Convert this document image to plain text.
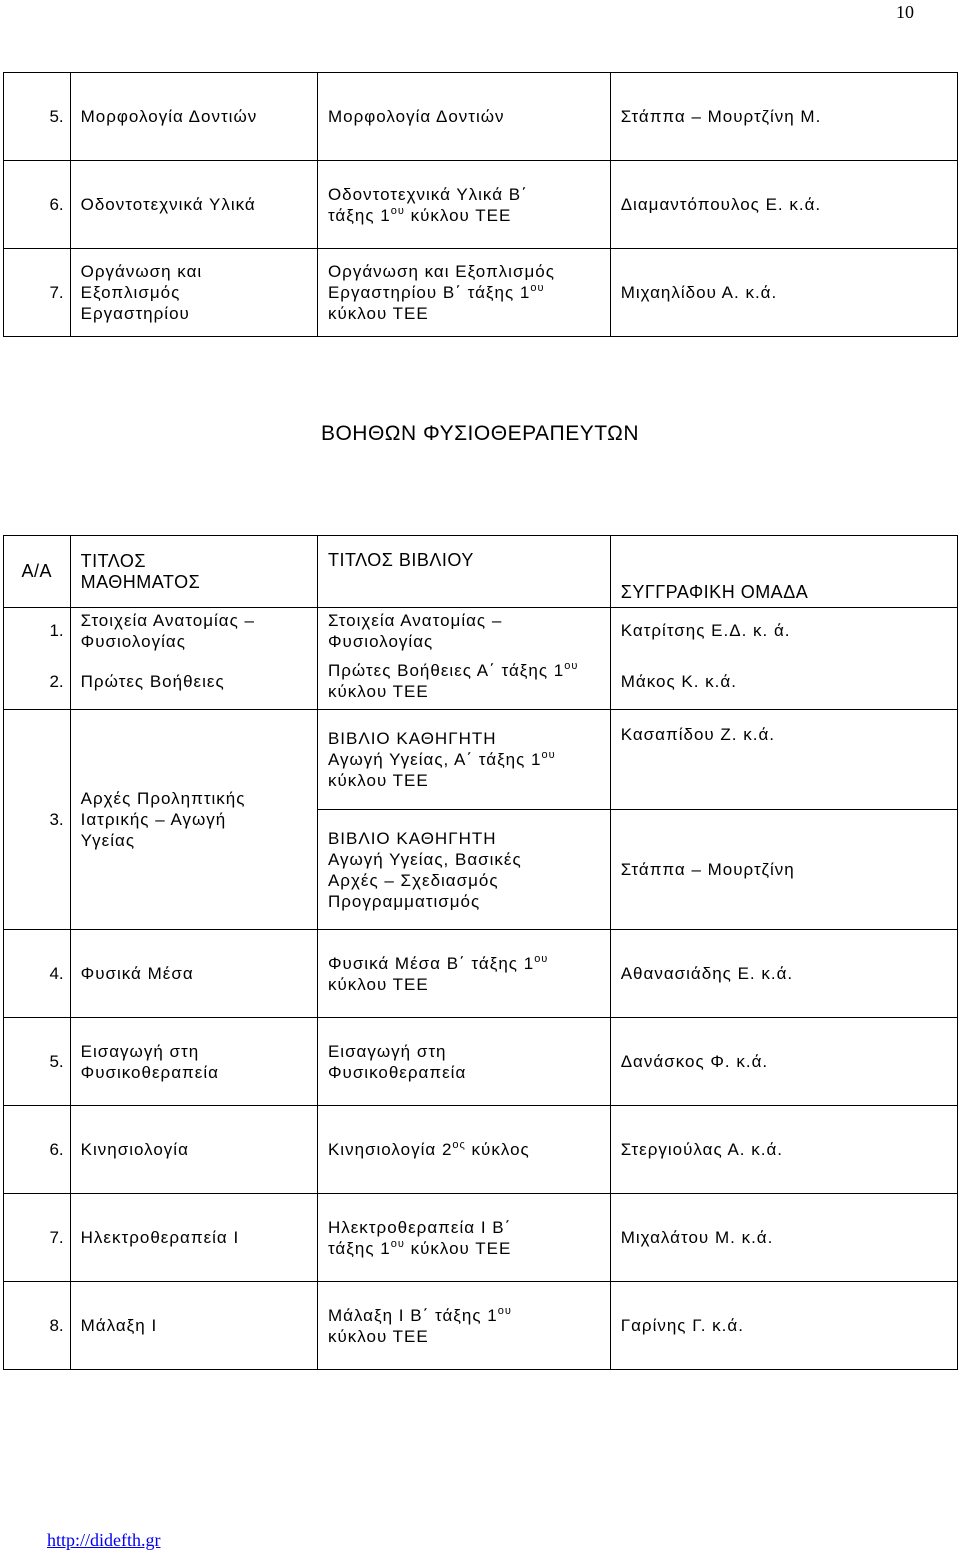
10
5.	Μορφολογία Δοντιών	Μορφολογία Δοντιών	Στάππα – Μουρτζίνη Μ.
6.	Οδοντοτεχνικά Υλικά	Οδοντοτεχνικά Υλικά Β΄
τάξης $1^{o\upsilon}$ κύκλου ΤΕΕ	Διαμαντόπουλος Ε. κ.ά.
7.	Οργάνωση και
Εξοπλισμός
Εργαστηρίου	Οργάνωση και Εξοπλισμός
Εργαστηρίου Β΄ τάξης $1^{o\upsilon}$
κύκλου ΤΕΕ	Μιχαηλίδου Α. κ.ά.
ΒΟΗΘΩΝ ΦΥΣΙΟΘΕΡΑΠΕΥΤΩΝ
Α/Α	ΤΙΤΛΟΣ
ΜΑΘΗΜΑΤΟΣ	ΤΙΤΛΟΣ ΒΙΒΛΙΟΥ	ΣΥΓΓΡΑΦΙΚΗ ΟΜΑΔΑ
1.	Στοιχεία Ανατομίας –
Φυσιολογίας	Στοιχεία Ανατομίας –
Φυσιολογίας	Κατρίτσης Ε.Δ. κ. ά.
2.	Πρώτες Βοήθειες	Πρώτες Βοήθειες Α΄ τάξης $1^{o\upsilon}$
κύκλου ΤΕΕ	Μάκος Κ. κ.ά.
3.	Αρχές Προληπτικής
Ιατρικής – Αγωγή
Υγείας	ΒΙΒΛΙΟ ΚΑΘΗΓΗΤΗ
Αγωγή Υγείας, Α΄ τάξης $1^{o\upsilon}$
κύκλου ΤΕΕ	Κασαπίδου Ζ. κ.ά.

		ΒΙΒΛΙΟ ΚΑΘΗΓΗΤΗ
Αγωγή Υγείας, Βασικές
Αρχές – Σχεδιασμός
Προγραμματισμός	Στάππα – Μουρτζίνη
4.	Φυσικά Μέσα	Φυσικά Μέσα Β΄ τάξης $1^{o\upsilon}$
κύκλου ΤΕΕ	Αθανασιάδης Ε. κ.ά.
5.	Εισαγωγή στη
Φυσικοθεραπεία	Εισαγωγή στη
Φυσικοθεραπεία	Δανάσκος Φ. κ.ά.
6.	Κινησιολογία	Κινησιολογία $2^{o\varsigma}$ κύκλος	Στεργιούλας Α. κ.ά.
7.	Ηλεκτροθεραπεία Ι	Ηλεκτροθεραπεία Ι Β΄
τάξης $1^{o\upsilon}$ κύκλου ΤΕΕ	Μιχαλάτου Μ. κ.ά.
8.	Μάλαξη Ι	Μάλαξη Ι Β΄ τάξης $1^{o\upsilon}$
κύκλου ΤΕΕ	Γαρίνης Γ. κ.ά.
http://didefth.gr
